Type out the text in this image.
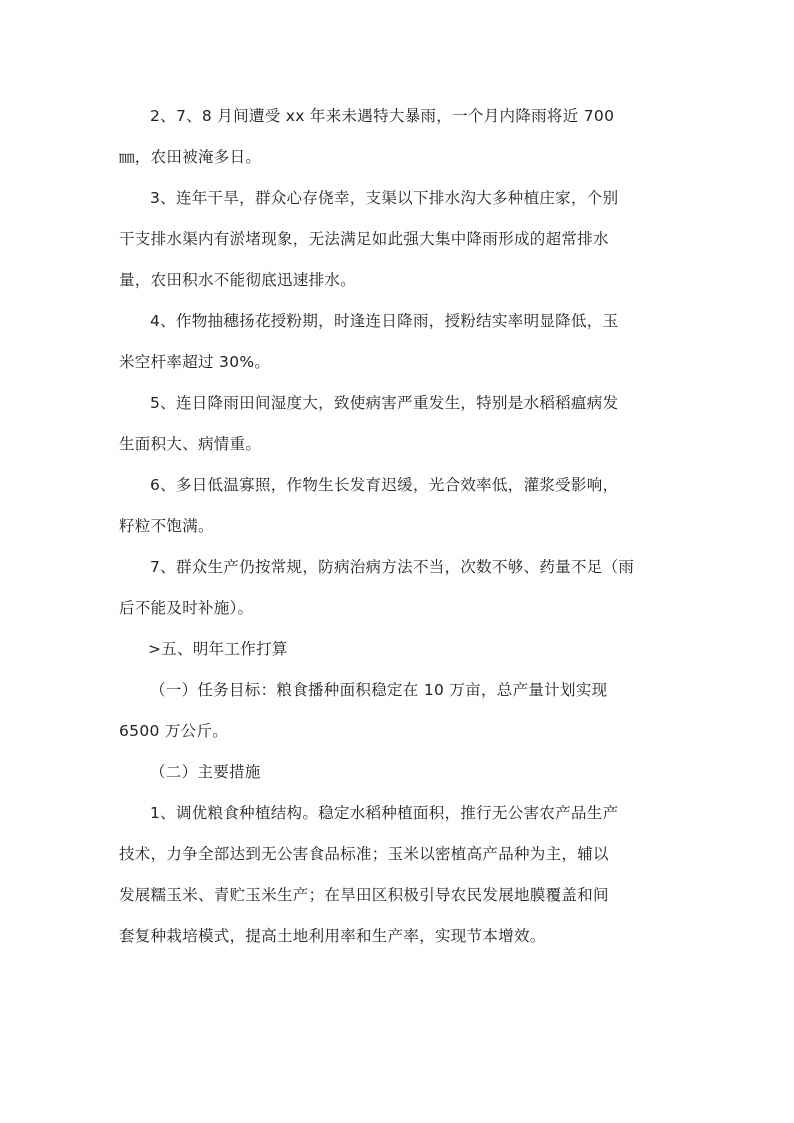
2、7、8 月间遭受 xx 年来未遇特大暴雨，一个月内降雨将近 700
㎜，农田被淹多日。

3、连年干旱，群众心存侥幸，支渠以下排水沟大多种植庄家，个别
干支排水渠内有淤堵现象，无法满足如此强大集中降雨形成的超常排水
量，农田积水不能彻底迅速排水。

4、作物抽穗扬花授粉期，时逢连日降雨，授粉结实率明显降低，玉
米空杆率超过 30%。

5、连日降雨田间湿度大，致使病害严重发生，特别是水稻稻瘟病发
生面积大、病情重。

6、多日低温寡照，作物生长发育迟缓，光合效率低，灌浆受影响，
籽粒不饱满。

7、群众生产仍按常规，防病治病方法不当，次数不够、药量不足（雨
后不能及时补施）。

>五、明年工作打算

（一）任务目标：粮食播种面积稳定在 10 万亩，总产量计划实现
6500 万公斤。

（二）主要措施

1、调优粮食种植结构。稳定水稻种植面积，推行无公害农产品生产
技术，力争全部达到无公害食品标准；玉米以密植高产品种为主，辅以
发展糯玉米、青贮玉米生产；在旱田区积极引导农民发展地膜覆盖和间
套复种栽培模式，提高土地利用率和生产率，实现节本增效。
